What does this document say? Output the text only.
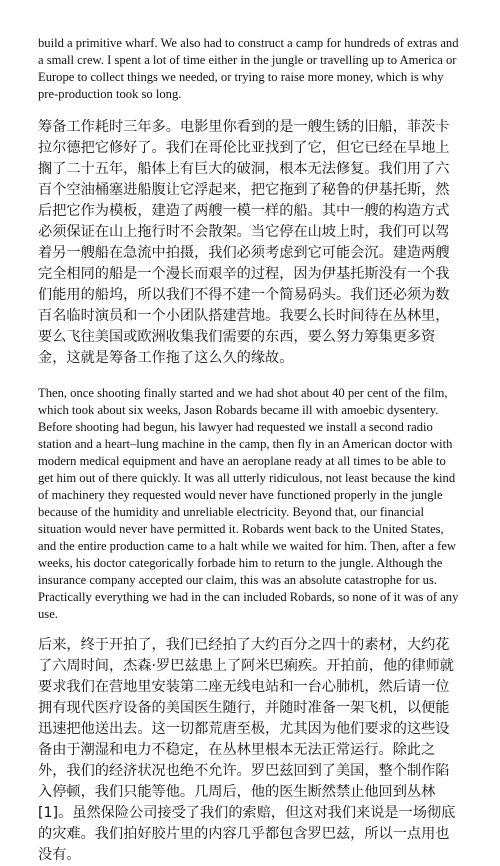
build a primitive wharf. We also had to construct a camp for hundreds of extras and a small crew. I spent a lot of time either in the jungle or travelling up to America or Europe to collect things we needed, or trying to raise more money, which is why pre-production took so long.

筹备工作耗时三年多。电影里你看到的是一艘生锈的旧船，菲茨卡拉尔德把它修好了。我们在哥伦比亚找到了它，但它已经在旱地上搁了二十五年，船体上有巨大的破洞，根本无法修复。我们用了六百个空油桶塞进船腹让它浮起来，把它拖到了秘鲁的伊基托斯，然后把它作为模板，建造了两艘一模一样的船。其中一艘的构造方式必须保证在山上拖行时不会散架。当它停在山坡上时，我们可以驾着另一艘船在急流中拍摄，我们必须考虑到它可能会沉。建造两艘完全相同的船是一个漫长而艰辛的过程，因为伊基托斯没有一个我们能用的船坞，所以我们不得不建一个简易码头。我们还必须为数百名临时演员和一个小团队搭建营地。我要么长时间待在丛林里，要么飞往美国或欧洲收集我们需要的东西，要么努力筹集更多资金，这就是筹备工作拖了这么久的缘故。

Then, once shooting finally started and we had shot about 40 per cent of the film, which took about six weeks, Jason Robards became ill with amoebic dysentery. Before shooting had begun, his lawyer had requested we install a second radio station and a heart–lung machine in the camp, then fly in an American doctor with modern medical equipment and have an aeroplane ready at all times to be able to get him out of there quickly. It was all utterly ridiculous, not least because the kind of machinery they requested would never have functioned properly in the jungle because of the humidity and unreliable electricity. Beyond that, our financial situation would never have permitted it. Robards went back to the United States, and the entire production came to a halt while we waited for him. Then, after a few weeks, his doctor categorically forbade him to return to the jungle. Although the insurance company accepted our claim, this was an absolute catastrophe for us. Practically everything we had in the can included Robards, so none of it was of any use.

后来，终于开拍了，我们已经拍了大约百分之四十的素材，大约花了六周时间，杰森·罗巴兹患上了阿米巴痢疾。开拍前，他的律师就要求我们在营地里安装第二座无线电站和一台心肺机，然后请一位拥有现代医疗设备的美国医生随行，并随时准备一架飞机，以便能迅速把他送出去。这一切都荒唐至极，尤其因为他们要求的这些设备由于潮湿和电力不稳定，在丛林里根本无法正常运行。除此之外，我们的经济状况也绝不允许。罗巴兹回到了美国，整个制作陷入停顿，我们只能等他。几周后，他的医生断然禁止他回到丛林[1]。虽然保险公司接受了我们的索赔，但这对我们来说是一场彻底的灾难。我们拍好胶片里的内容几乎都包含罗巴兹，所以一点用也没有。
